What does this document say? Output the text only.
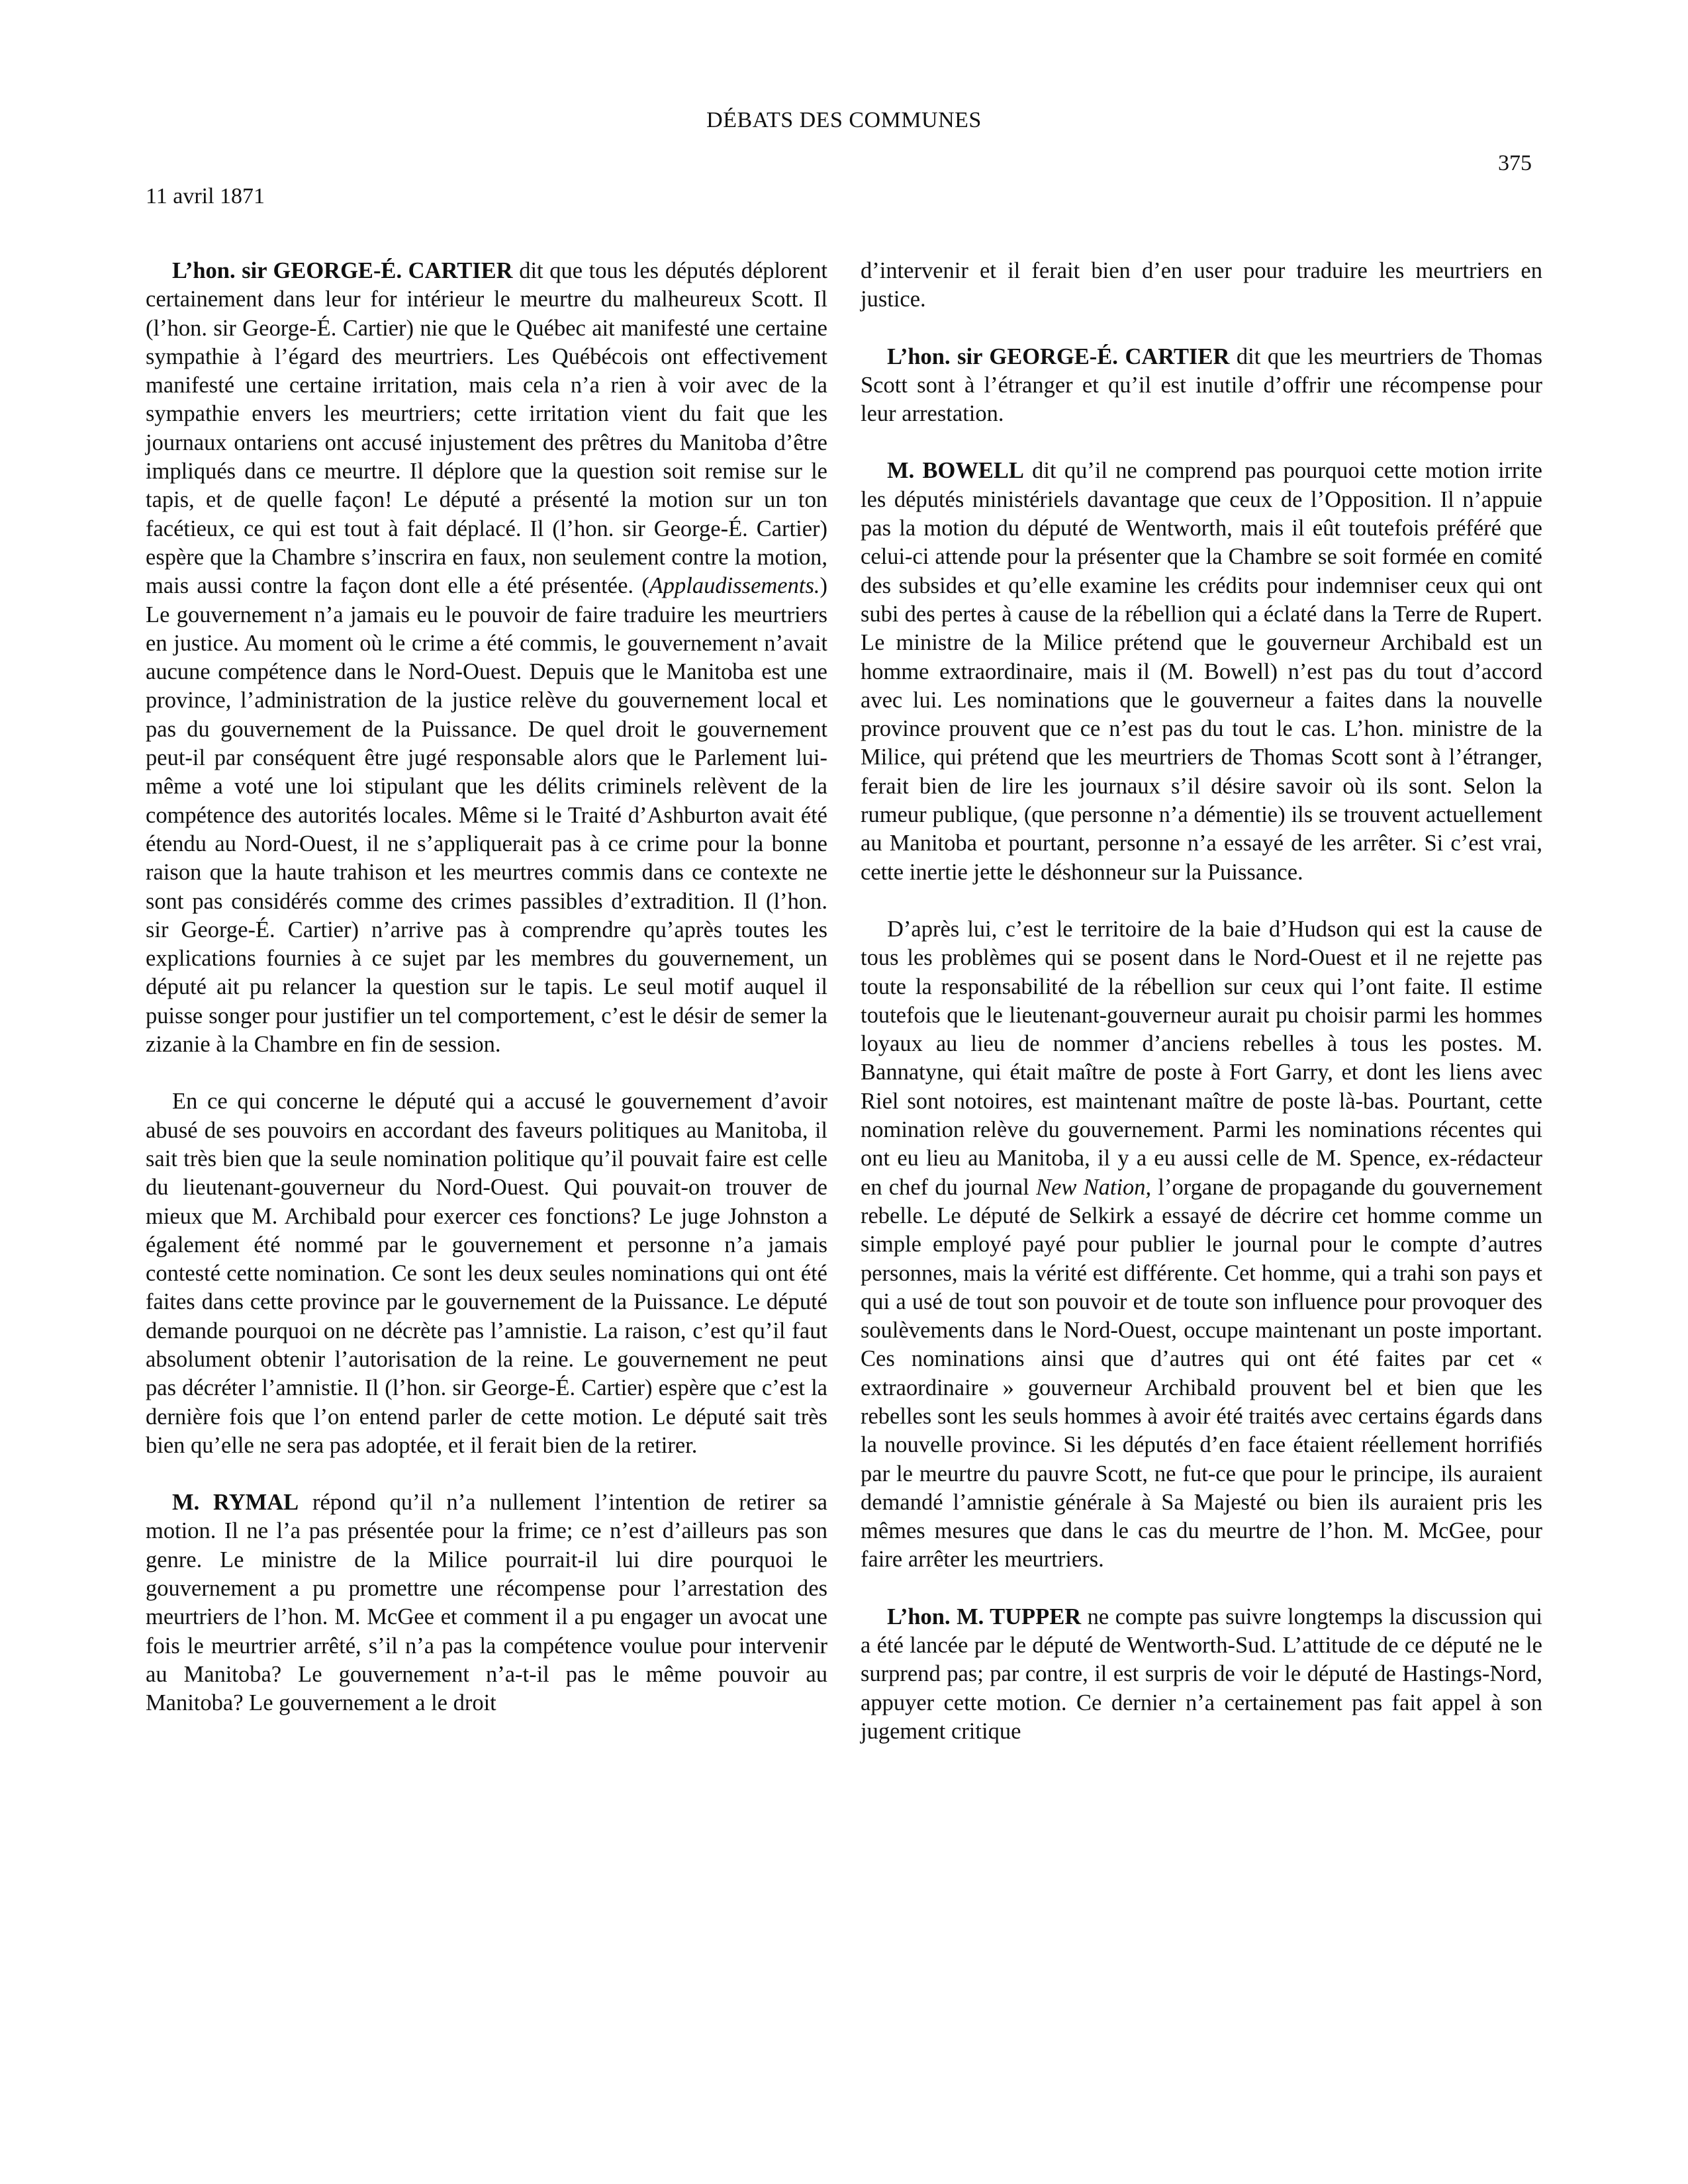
DÉBATS DES COMMUNES
375
11 avril 1871

L’hon. sir GEORGE-É. CARTIER dit que tous les députés déplorent certainement dans leur for intérieur le meurtre du malheureux Scott. Il (l’hon. sir George-É. Cartier) nie que le Québec ait manifesté une certaine sympathie à l’égard des meurtriers. Les Québécois ont effectivement manifesté une certaine irritation, mais cela n’a rien à voir avec de la sympathie envers les meurtriers; cette irritation vient du fait que les journaux ontariens ont accusé injustement des prêtres du Manitoba d’être impliqués dans ce meurtre. Il déplore que la question soit remise sur le tapis, et de quelle façon! Le député a présenté la motion sur un ton facétieux, ce qui est tout à fait déplacé. Il (l’hon. sir George-É. Cartier) espère que la Chambre s’inscrira en faux, non seulement contre la motion, mais aussi contre la façon dont elle a été présentée. (Applaudissements.) Le gouvernement n’a jamais eu le pouvoir de faire traduire les meurtriers en justice. Au moment où le crime a été commis, le gouvernement n’avait aucune compétence dans le Nord-Ouest. Depuis que le Manitoba est une province, l’administration de la justice relève du gouvernement local et pas du gouvernement de la Puissance. De quel droit le gouvernement peut-il par conséquent être jugé responsable alors que le Parlement lui-même a voté une loi stipulant que les délits criminels relèvent de la compétence des autorités locales. Même si le Traité d’Ashburton avait été étendu au Nord-Ouest, il ne s’appliquerait pas à ce crime pour la bonne raison que la haute trahison et les meurtres commis dans ce contexte ne sont pas considérés comme des crimes passibles d’extradition. Il (l’hon. sir George-É. Cartier) n’arrive pas à comprendre qu’après toutes les explications fournies à ce sujet par les membres du gouvernement, un député ait pu relancer la question sur le tapis. Le seul motif auquel il puisse songer pour justifier un tel comportement, c’est le désir de semer la zizanie à la Chambre en fin de session.

En ce qui concerne le député qui a accusé le gouvernement d’avoir abusé de ses pouvoirs en accordant des faveurs politiques au Manitoba, il sait très bien que la seule nomination politique qu’il pouvait faire est celle du lieutenant-gouverneur du Nord-Ouest. Qui pouvait-on trouver de mieux que M. Archibald pour exercer ces fonctions? Le juge Johnston a également été nommé par le gouvernement et personne n’a jamais contesté cette nomination. Ce sont les deux seules nominations qui ont été faites dans cette province par le gouvernement de la Puissance. Le député demande pourquoi on ne décrète pas l’amnistie. La raison, c’est qu’il faut absolument obtenir l’autorisation de la reine. Le gouvernement ne peut pas décréter l’amnistie. Il (l’hon. sir George-É. Cartier) espère que c’est la dernière fois que l’on entend parler de cette motion. Le député sait très bien qu’elle ne sera pas adoptée, et il ferait bien de la retirer.

M. RYMAL répond qu’il n’a nullement l’intention de retirer sa motion. Il ne l’a pas présentée pour la frime; ce n’est d’ailleurs pas son genre. Le ministre de la Milice pourrait-il lui dire pourquoi le gouvernement a pu promettre une récompense pour l’arrestation des meurtriers de l’hon. M. McGee et comment il a pu engager un avocat une fois le meurtrier arrêté, s’il n’a pas la compétence voulue pour intervenir au Manitoba? Le gouvernement n’a-t-il pas le même pouvoir au Manitoba? Le gouvernement a le droit

d’intervenir et il ferait bien d’en user pour traduire les meurtriers en justice.

L’hon. sir GEORGE-É. CARTIER dit que les meurtriers de Thomas Scott sont à l’étranger et qu’il est inutile d’offrir une récompense pour leur arrestation.

M. BOWELL dit qu’il ne comprend pas pourquoi cette motion irrite les députés ministériels davantage que ceux de l’Opposition. Il n’appuie pas la motion du député de Wentworth, mais il eût toutefois préféré que celui-ci attende pour la présenter que la Chambre se soit formée en comité des subsides et qu’elle examine les crédits pour indemniser ceux qui ont subi des pertes à cause de la rébellion qui a éclaté dans la Terre de Rupert. Le ministre de la Milice prétend que le gouverneur Archibald est un homme extraordinaire, mais il (M. Bowell) n’est pas du tout d’accord avec lui. Les nominations que le gouverneur a faites dans la nouvelle province prouvent que ce n’est pas du tout le cas. L’hon. ministre de la Milice, qui prétend que les meurtriers de Thomas Scott sont à l’étranger, ferait bien de lire les journaux s’il désire savoir où ils sont. Selon la rumeur publique, (que personne n’a démentie) ils se trouvent actuellement au Manitoba et pourtant, personne n’a essayé de les arrêter. Si c’est vrai, cette inertie jette le déshonneur sur la Puissance.

D’après lui, c’est le territoire de la baie d’Hudson qui est la cause de tous les problèmes qui se posent dans le Nord-Ouest et il ne rejette pas toute la responsabilité de la rébellion sur ceux qui l’ont faite. Il estime toutefois que le lieutenant-gouverneur aurait pu choisir parmi les hommes loyaux au lieu de nommer d’anciens rebelles à tous les postes. M. Bannatyne, qui était maître de poste à Fort Garry, et dont les liens avec Riel sont notoires, est maintenant maître de poste là-bas. Pourtant, cette nomination relève du gouvernement. Parmi les nominations récentes qui ont eu lieu au Manitoba, il y a eu aussi celle de M. Spence, ex-rédacteur en chef du journal New Nation, l’organe de propagande du gouvernement rebelle. Le député de Selkirk a essayé de décrire cet homme comme un simple employé payé pour publier le journal pour le compte d’autres personnes, mais la vérité est différente. Cet homme, qui a trahi son pays et qui a usé de tout son pouvoir et de toute son influence pour provoquer des soulèvements dans le Nord-Ouest, occupe maintenant un poste important. Ces nominations ainsi que d’autres qui ont été faites par cet « extraordinaire » gouverneur Archibald prouvent bel et bien que les rebelles sont les seuls hommes à avoir été traités avec certains égards dans la nouvelle province. Si les députés d’en face étaient réellement horrifiés par le meurtre du pauvre Scott, ne fut-ce que pour le principe, ils auraient demandé l’amnistie générale à Sa Majesté ou bien ils auraient pris les mêmes mesures que dans le cas du meurtre de l’hon. M. McGee, pour faire arrêter les meurtriers.

L’hon. M. TUPPER ne compte pas suivre longtemps la discussion qui a été lancée par le député de Wentworth-Sud. L’attitude de ce député ne le surprend pas; par contre, il est surpris de voir le député de Hastings-Nord, appuyer cette motion. Ce dernier n’a certainement pas fait appel à son jugement critique
